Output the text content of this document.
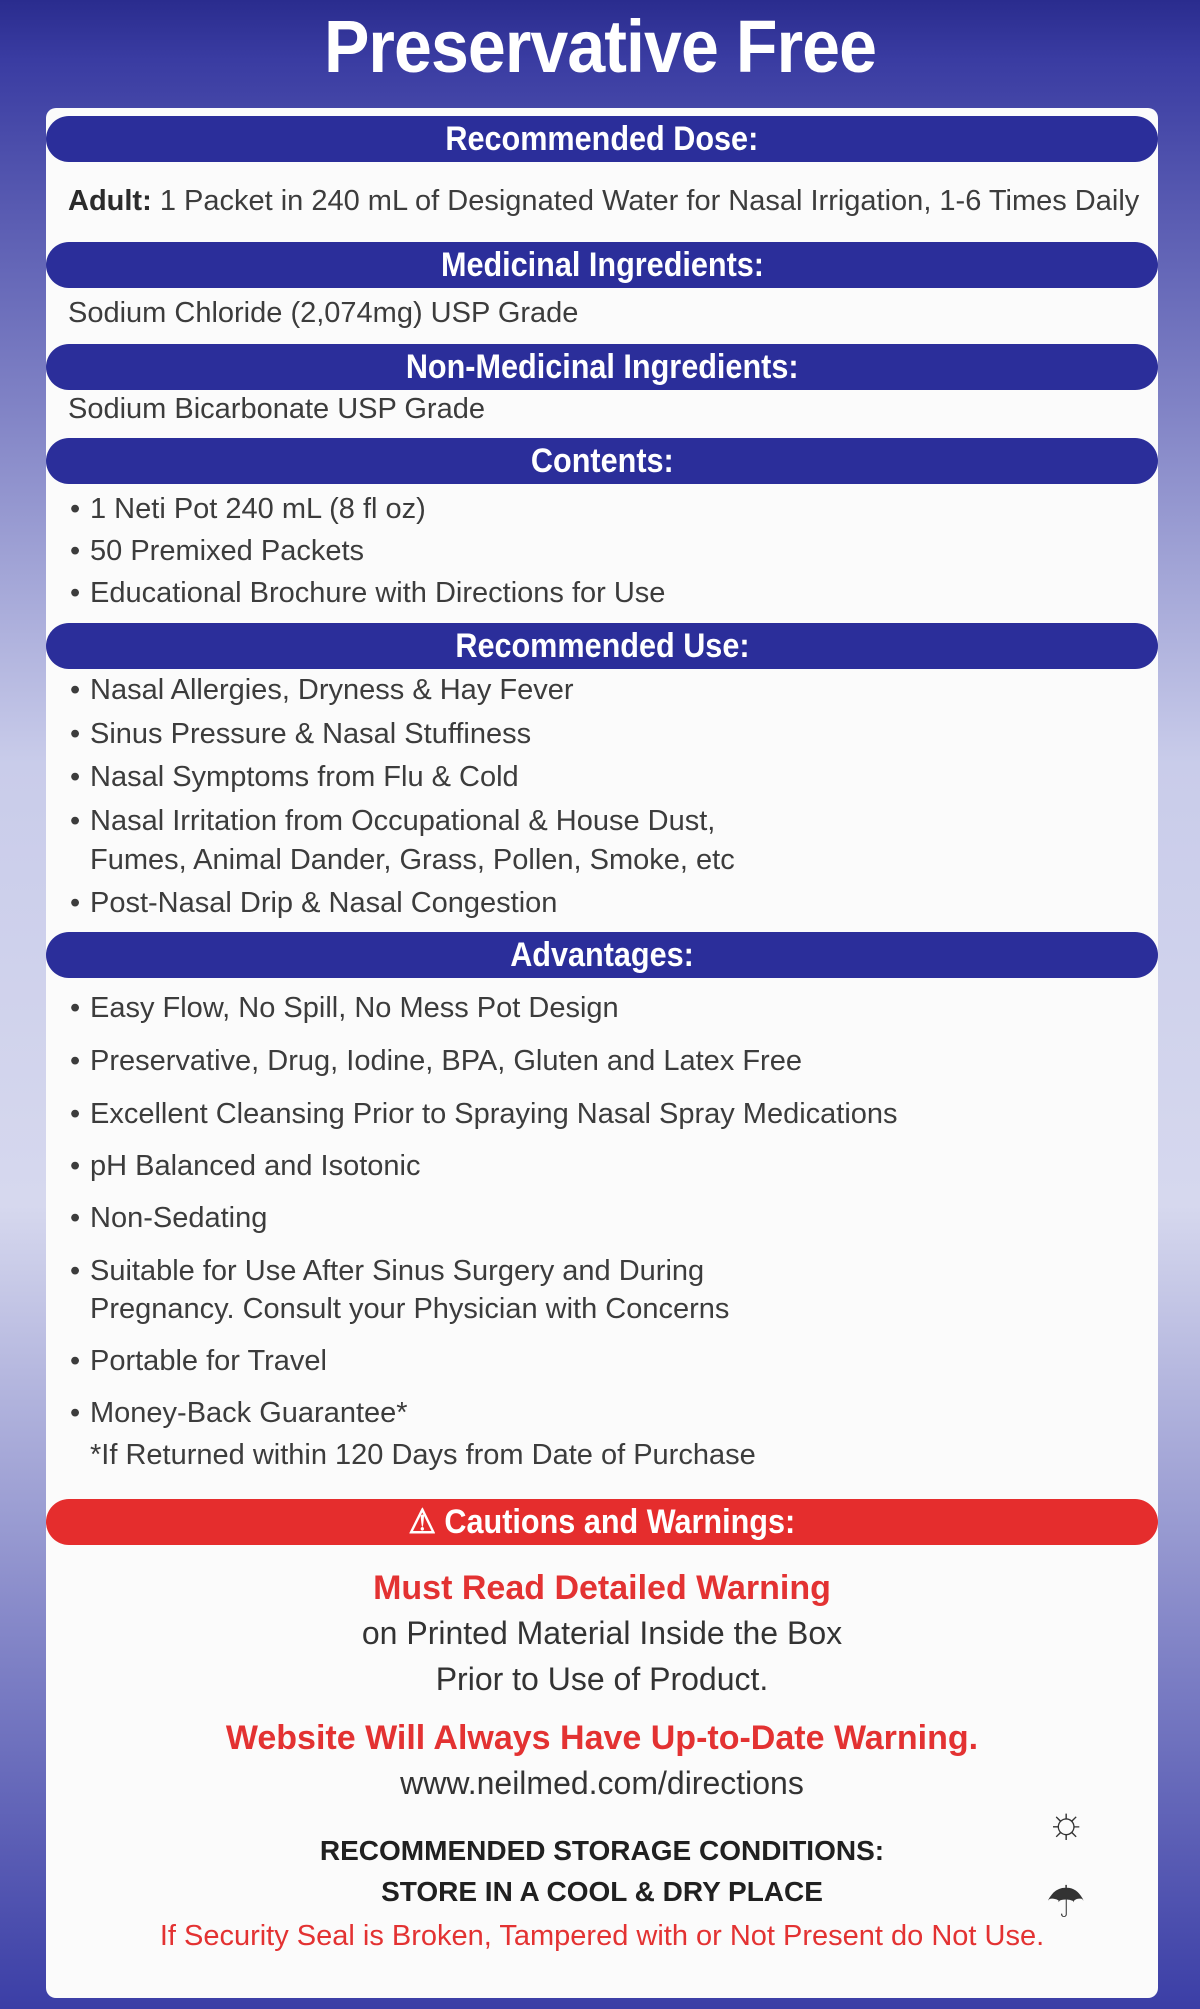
Preservative Free
Recommended Dose:
Adult: 1 Packet in 240 mL of Designated Water for Nasal Irrigation, 1-6 Times Daily
Medicinal Ingredients:
Sodium Chloride (2,074mg) USP Grade
Non-Medicinal Ingredients:
Sodium Bicarbonate USP Grade
Contents:
• 1 Neti Pot 240 mL (8 fl oz)
• 50 Premixed Packets
• Educational Brochure with Directions for Use
Recommended Use:
• Nasal Allergies, Dryness & Hay Fever
• Sinus Pressure & Nasal Stuffiness
• Nasal Symptoms from Flu & Cold
• Nasal Irritation from Occupational & House Dust,
Fumes, Animal Dander, Grass, Pollen, Smoke, etc
• Post-Nasal Drip & Nasal Congestion
Advantages:
• Easy Flow, No Spill, No Mess Pot Design
• Preservative, Drug, Iodine, BPA, Gluten and Latex Free
• Excellent Cleansing Prior to Spraying Nasal Spray Medications
• pH Balanced and Isotonic
• Non-Sedating
• Suitable for Use After Sinus Surgery and During
Pregnancy. Consult your Physician with Concerns
• Portable for Travel
• Money-Back Guarantee*
*If Returned within 120 Days from Date of Purchase
⚠ Cautions and Warnings:
Must Read Detailed Warning
on Printed Material Inside the Box
Prior to Use of Product.
Website Will Always Have Up-to-Date Warning.
www.neilmed.com/directions
RECOMMENDED STORAGE CONDITIONS:
STORE IN A COOL & DRY PLACE
If Security Seal is Broken, Tampered with or Not Present do Not Use.
☼
☂
